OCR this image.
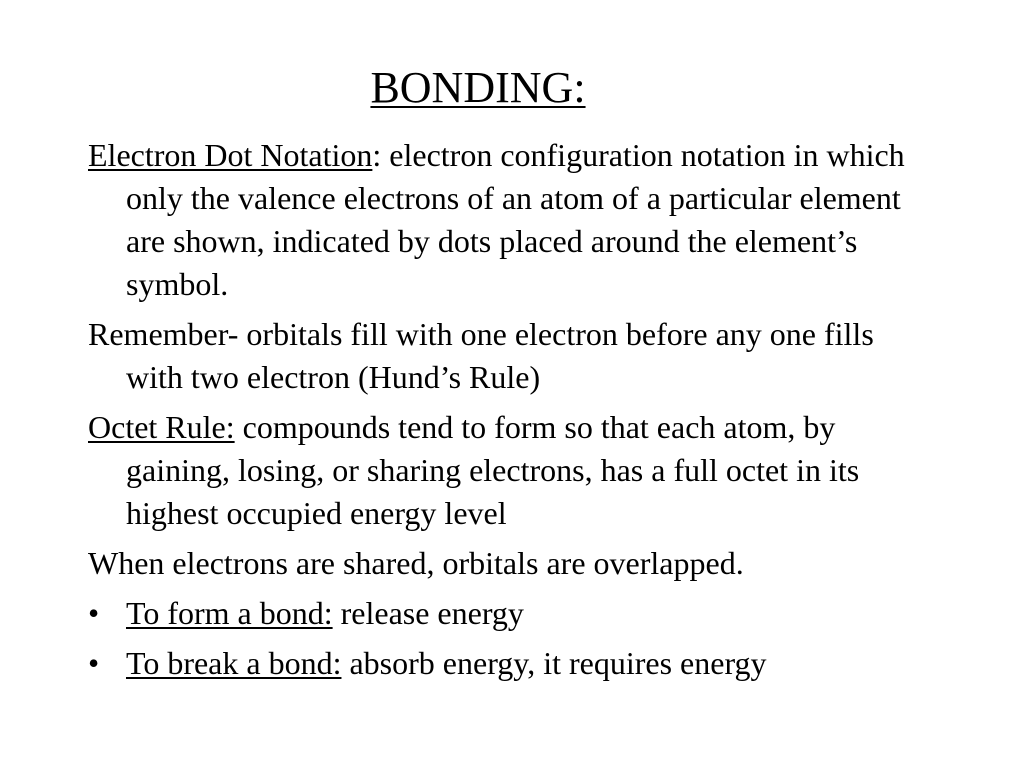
BONDING:

Electron Dot Notation: electron configuration notation in which only the valence electrons of an atom of a particular element are shown, indicated by dots placed around the element’s symbol.

Remember- orbitals fill with one electron before any one fills with two electron (Hund’s Rule)

Octet Rule: compounds tend to form so that each atom, by gaining, losing, or sharing electrons, has a full octet in its highest occupied energy level

When electrons are shared, orbitals are overlapped.

• To form a bond: release energy
• To break a bond: absorb energy, it requires energy
